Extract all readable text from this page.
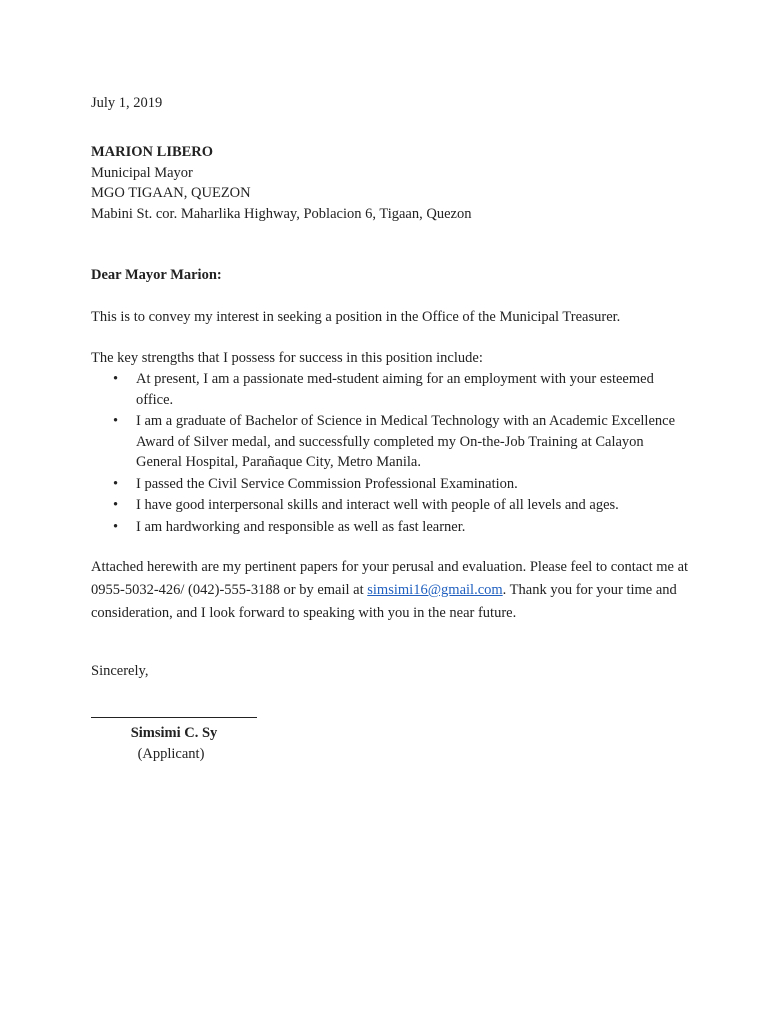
July 1, 2019
MARION LIBERO
Municipal Mayor
MGO TIGAAN, QUEZON
Mabini St. cor. Maharlika Highway, Poblacion 6, Tigaan, Quezon
Dear Mayor Marion:
This is to convey my interest in seeking a position in the Office of the Municipal Treasurer.
The key strengths that I possess for success in this position include:
• At present, I am a passionate med-student aiming for an employment with your esteemed office.
• I am a graduate of Bachelor of Science in Medical Technology with an Academic Excellence Award of Silver medal, and successfully completed my On-the-Job Training at Calayon General Hospital, Parañaque City, Metro Manila.
• I passed the Civil Service Commission Professional Examination.
• I have good interpersonal skills and interact well with people of all levels and ages.
• I am hardworking and responsible as well as fast learner.
Attached herewith are my pertinent papers for your perusal and evaluation. Please feel to contact me at 0955-5032-426/ (042)-555-3188 or by email at simsimi16@gmail.com. Thank you for your time and consideration, and I look forward to speaking with you in the near future.
Sincerely,
Simsimi C. Sy
(Applicant)
